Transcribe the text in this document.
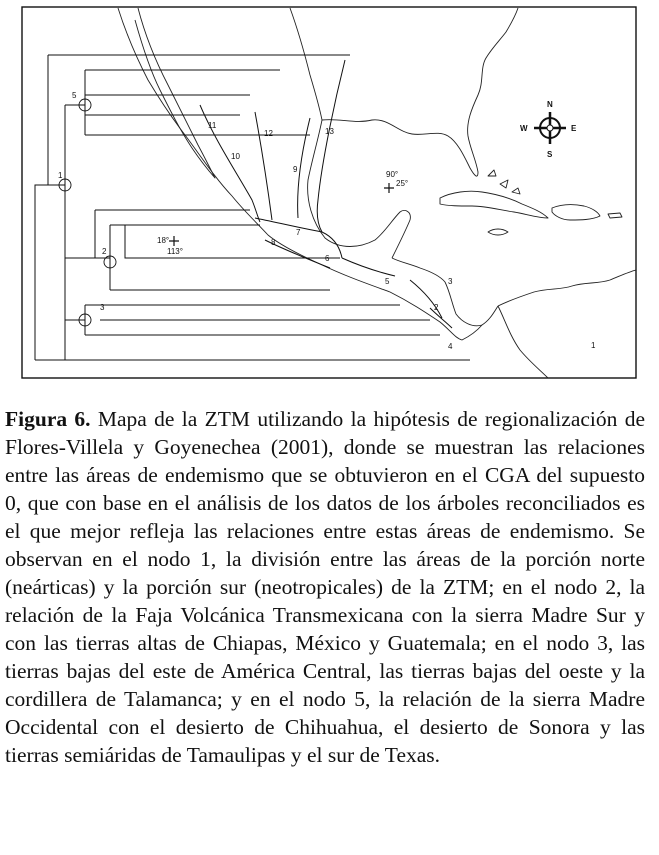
1
2
3
5
1
2
3
4
5
6
7
8
9
10
11
12	13
90°
25°
18°
113°
N
S
W	E
Figura 6. Mapa de la ZTM utilizando la hipótesis de regionalización de Flores-Villela y Goyenechea (2001), donde se muestran las relaciones entre las áreas de endemismo que se obtuvieron en el CGA del supuesto 0, que con base en el análisis de los datos de los árboles reconciliados es el que mejor refleja las relaciones entre estas áreas de endemismo. Se observan en el nodo 1, la división entre las áreas de la porción norte (neárticas) y la porción sur (neotropicales) de la ZTM; en el nodo 2, la relación de la Faja Volcánica Transmexicana con la sierra Madre Sur y con las tierras altas de Chiapas, México y Guatemala; en el nodo 3, las tierras bajas del este de América Central, las tierras bajas del oeste y la cordillera de Talamanca; y en el nodo 5, la relación de la sierra Madre Occidental con el desierto de Chihuahua, el desierto de Sonora y las tierras semiáridas de Tamaulipas y el sur de Texas.
